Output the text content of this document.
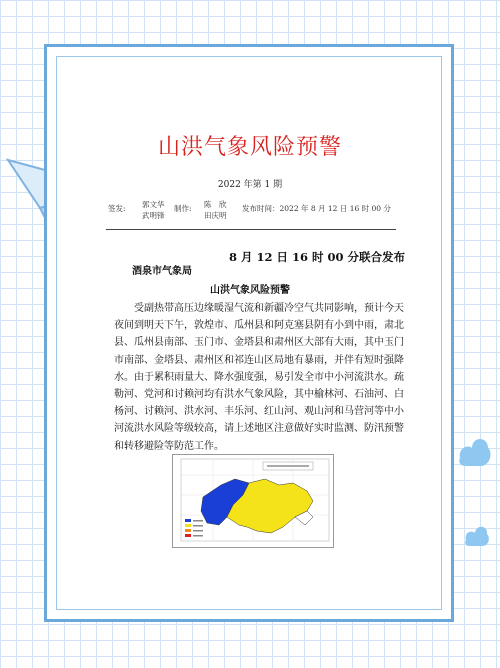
山洪气象风险预警
2022 年第 1 期
签发: 郭文华
武明锋
制作: 陈　欣
田庆明
发布时间：2022 年 8 月 12 日 16 时 00 分
8 月 12 日 16 时 00 分联合发布
酒泉市气象局
山洪气象风险预警

受副热带高压边缘暖湿气流和新疆冷空气共同影响，预计今天夜间到明天下午，敦煌市、瓜州县和阿克塞县阴有小到中雨，肃北县、瓜州县南部、玉门市、金塔县和肃州区大部有大雨，其中玉门市南部、金塔县、肃州区和祁连山区局地有暴雨，并伴有短时强降水。由于累积雨量大、降水强度强，易引发全市中小河流洪水。疏勒河、党河和讨赖河均有洪水气象风险，其中榆林河、石油河、白杨河、讨赖河、洪水河、丰乐河、红山河、观山河和马营河等中小河流洪水风险等级较高，请上述地区注意做好实时监测、防汛预警和转移避险等防范工作。
